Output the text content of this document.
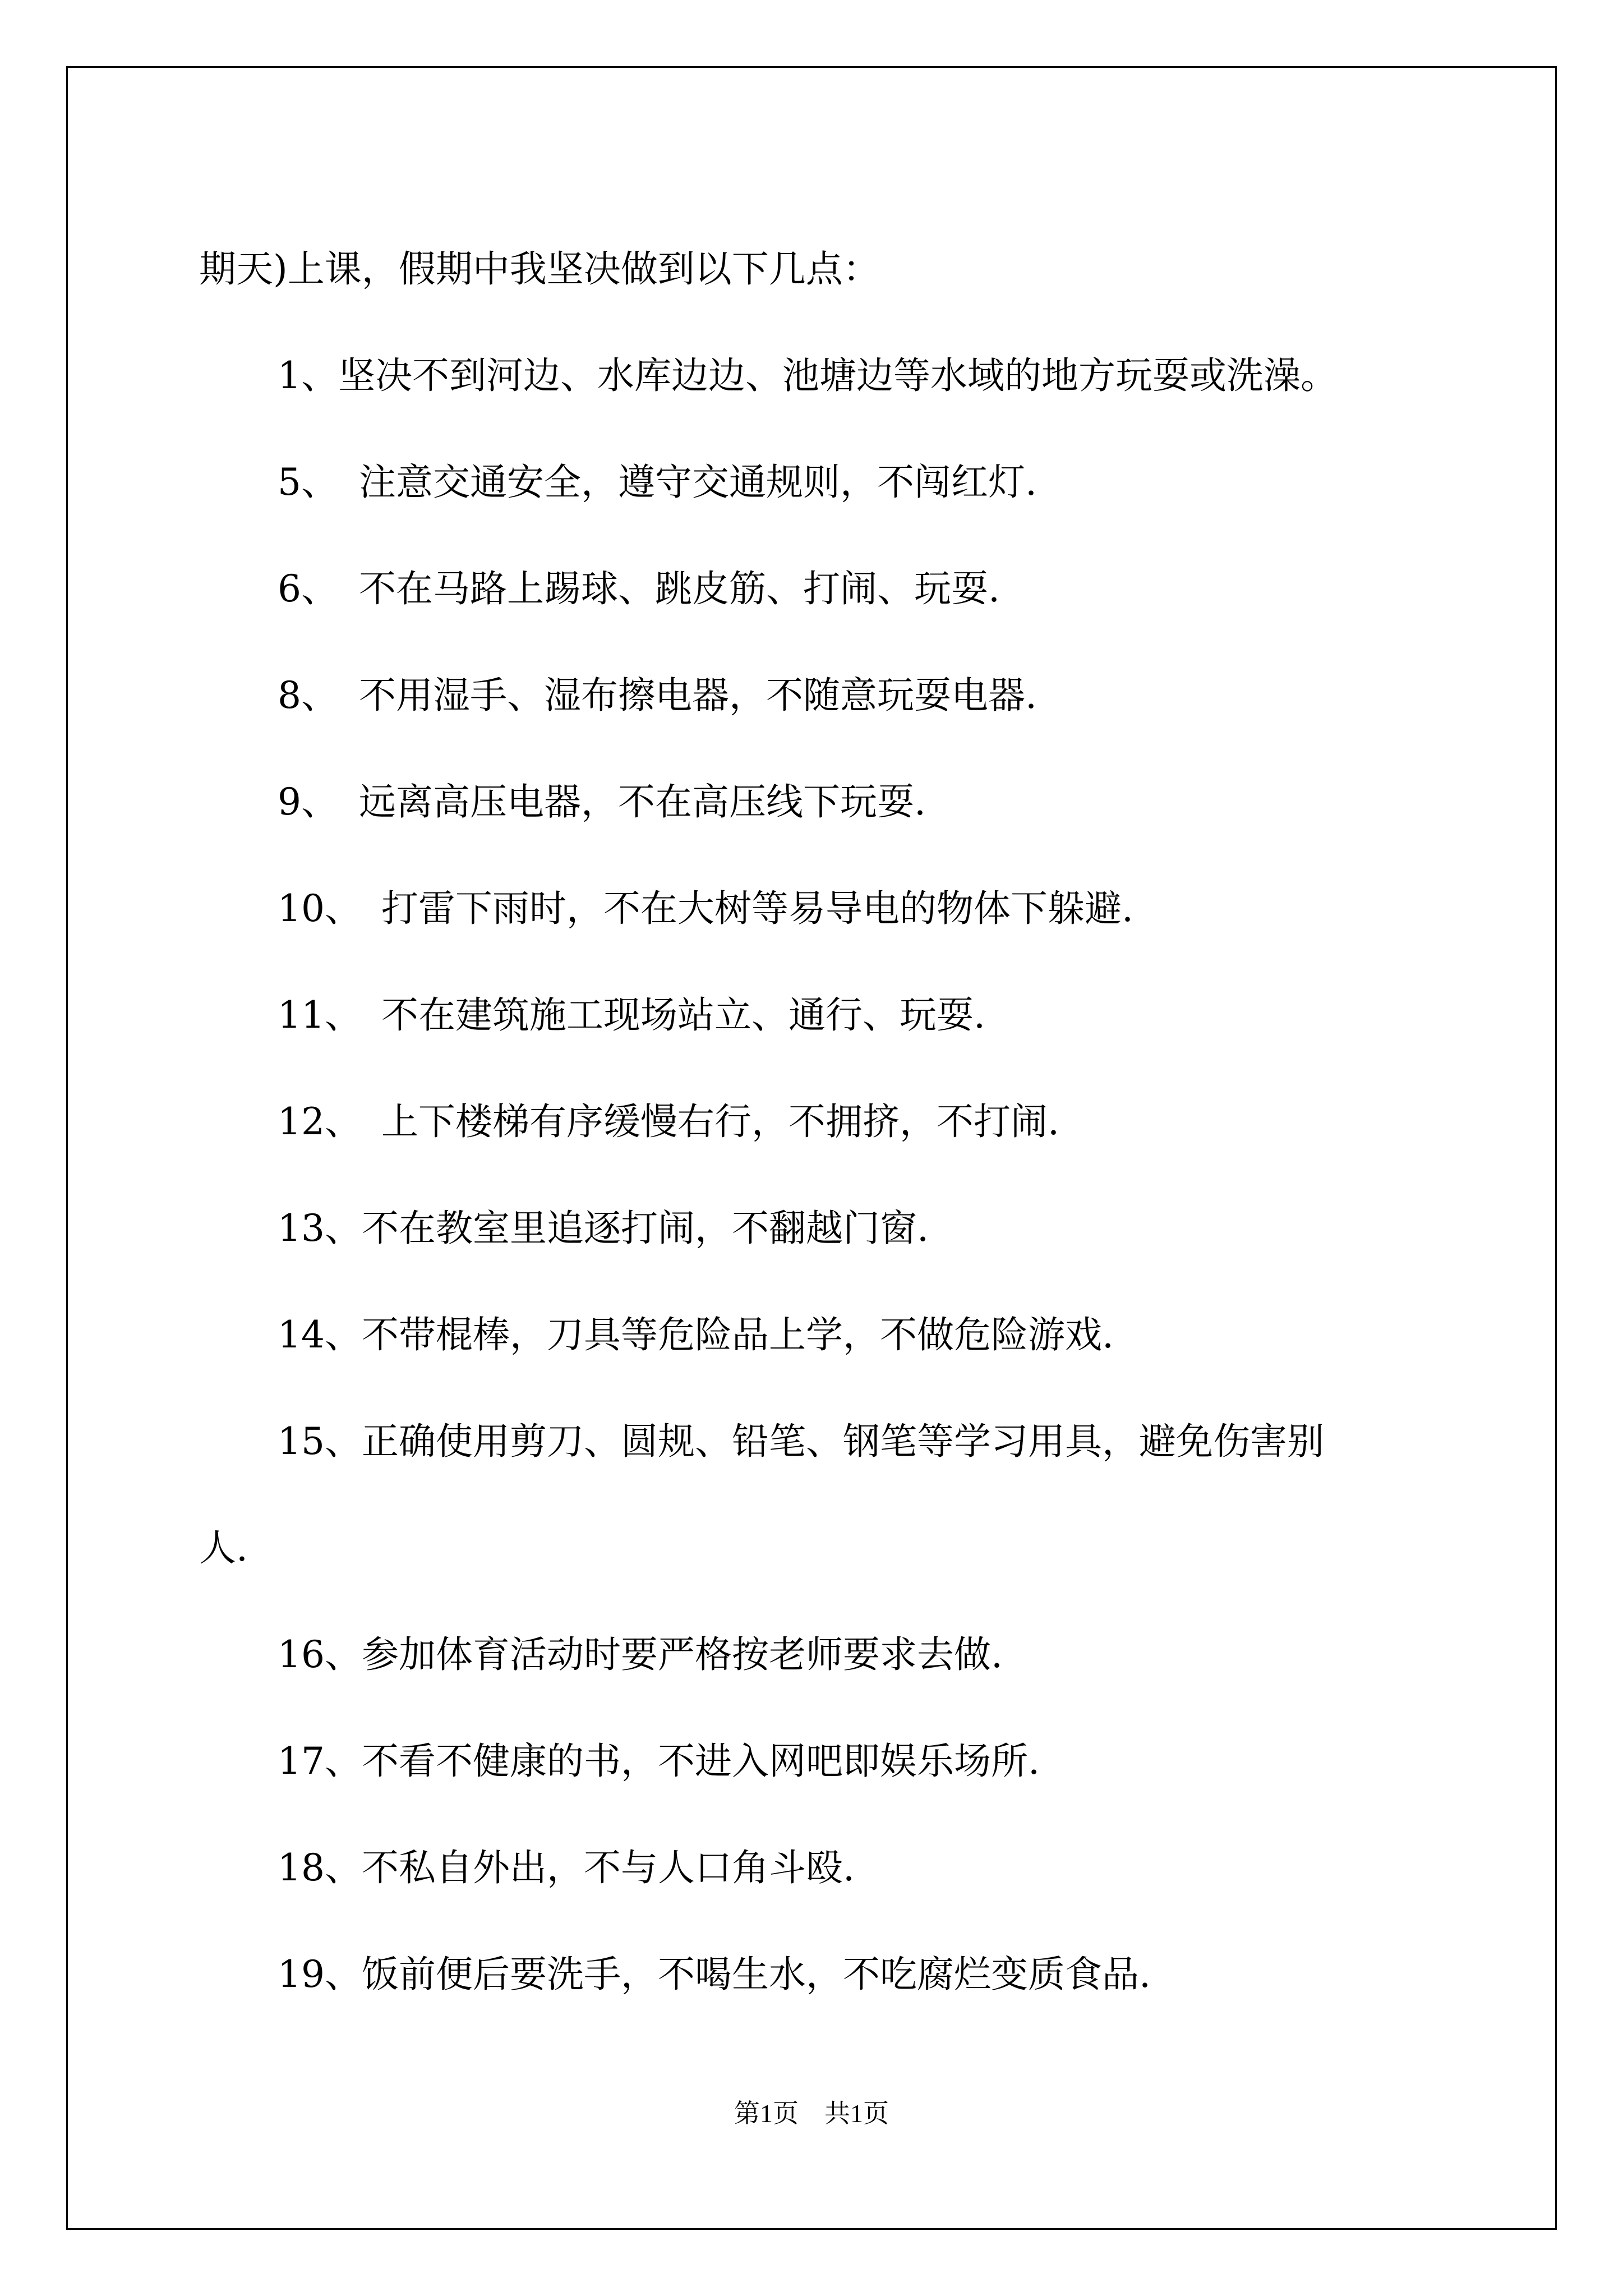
期天)上课，假期中我坚决做到以下几点：
1、坚决不到河边、水库边边、池塘边等水域的地方玩耍或洗澡。
5、 注意交通安全，遵守交通规则，不闯红灯.
6、 不在马路上踢球、跳皮筋、打闹、玩耍.
8、 不用湿手、湿布擦电器，不随意玩耍电器.
9、 远离高压电器，不在高压线下玩耍.
10、 打雷下雨时，不在大树等易导电的物体下躲避.
11、 不在建筑施工现场站立、通行、玩耍.
12、 上下楼梯有序缓慢右行，不拥挤，不打闹.
13、不在教室里追逐打闹，不翻越门窗.
14、不带棍棒，刀具等危险品上学，不做危险游戏.
15、正确使用剪刀、圆规、铅笔、钢笔等学习用具，避免伤害别
人.
16、参加体育活动时要严格按老师要求去做.
17、不看不健康的书，不进入网吧即娱乐场所.
18、不私自外出，不与人口角斗殴.
19、饭前便后要洗手，不喝生水，不吃腐烂变质食品.
第1页 共1页
